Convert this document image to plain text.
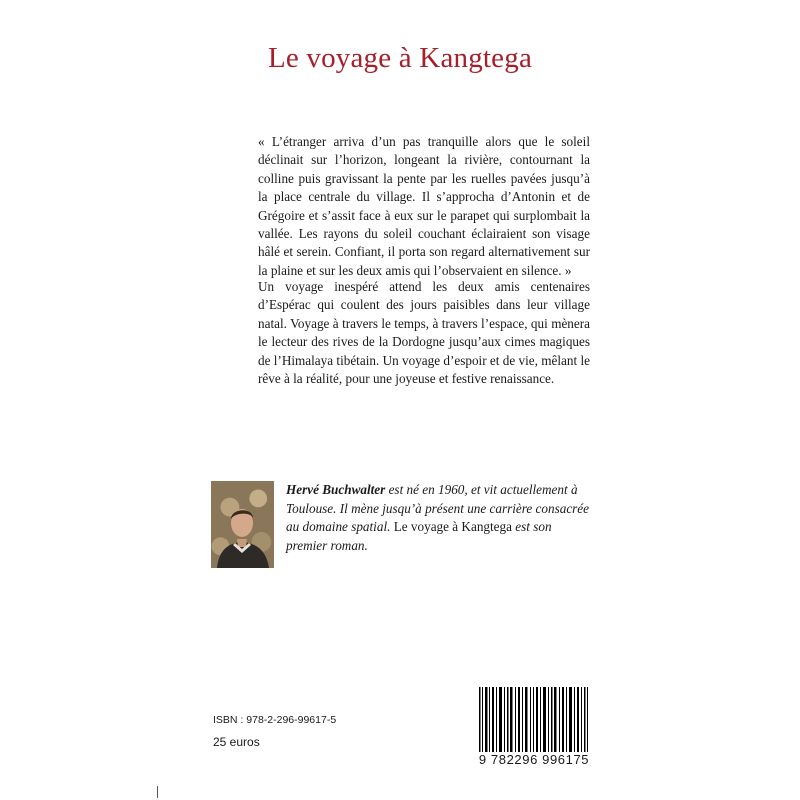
Le voyage à Kangtega

« L’étranger arriva d’un pas tranquille alors que le soleil déclinait sur l’horizon, longeant la rivière, contournant la colline puis gravissant la pente par les ruelles pavées jusqu’à la place centrale du village. Il s’approcha d’Antonin et de Grégoire et s’assit face à eux sur le parapet qui surplombait la vallée. Les rayons du soleil couchant éclairaient son visage hâlé et serein. Confiant, il porta son regard alternativement sur la plaine et sur les deux amis qui l’observaient en silence. »

Un voyage inespéré attend les deux amis centenaires d’Espérac qui coulent des jours paisibles dans leur village natal. Voyage à travers le temps, à travers l’espace, qui mènera le lecteur des rives de la Dordogne jusqu’aux cimes magiques de l’Himalaya tibétain. Un voyage d’espoir et de vie, mêlant le rêve à la réalité, pour une joyeuse et festive renaissance.

Hervé Buchwalter est né en 1960, et vit actuellement à Toulouse. Il mène jusqu’à présent une carrière consacrée au domaine spatial. Le voyage à Kangtega est son premier roman.

ISBN : 978-2-296-99617-5
25 euros
9 782296 996175
